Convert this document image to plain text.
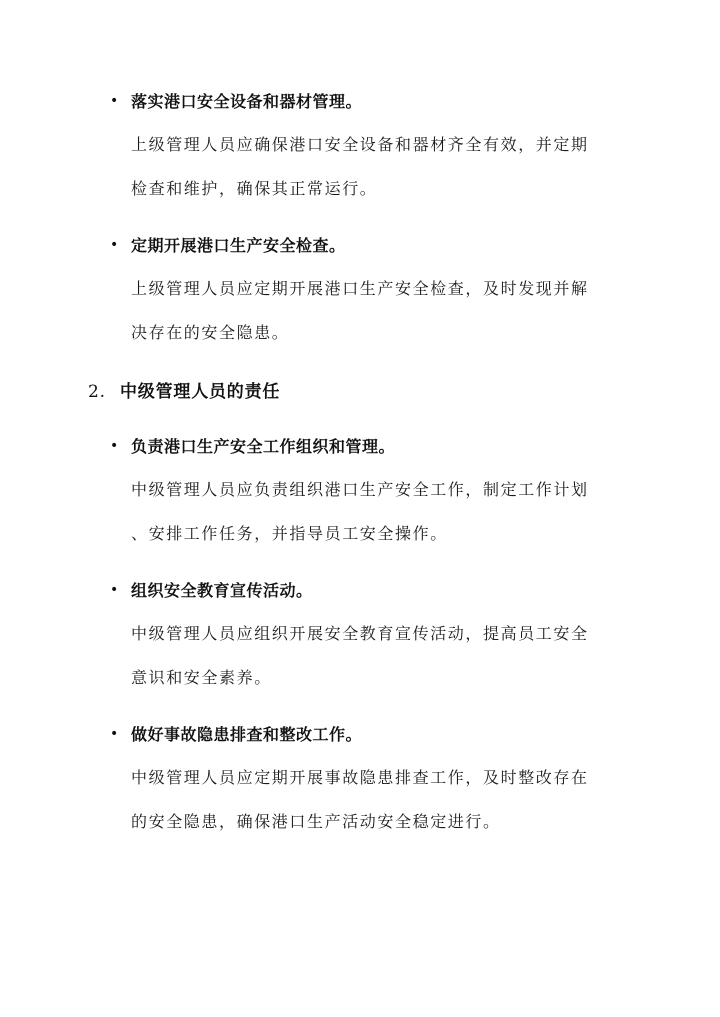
• 落实港口安全设备和器材管理。
上级管理人员应确保港口安全设备和器材齐全有效，并定期
检查和维护，确保其正常运行。
• 定期开展港口生产安全检查。
上级管理人员应定期开展港口生产安全检查，及时发现并解
决存在的安全隐患。
2. 中级管理人员的责任
• 负责港口生产安全工作组织和管理。
中级管理人员应负责组织港口生产安全工作，制定工作计划
、安排工作任务，并指导员工安全操作。
• 组织安全教育宣传活动。
中级管理人员应组织开展安全教育宣传活动，提高员工安全
意识和安全素养。
• 做好事故隐患排查和整改工作。
中级管理人员应定期开展事故隐患排查工作，及时整改存在
的安全隐患，确保港口生产活动安全稳定进行。
